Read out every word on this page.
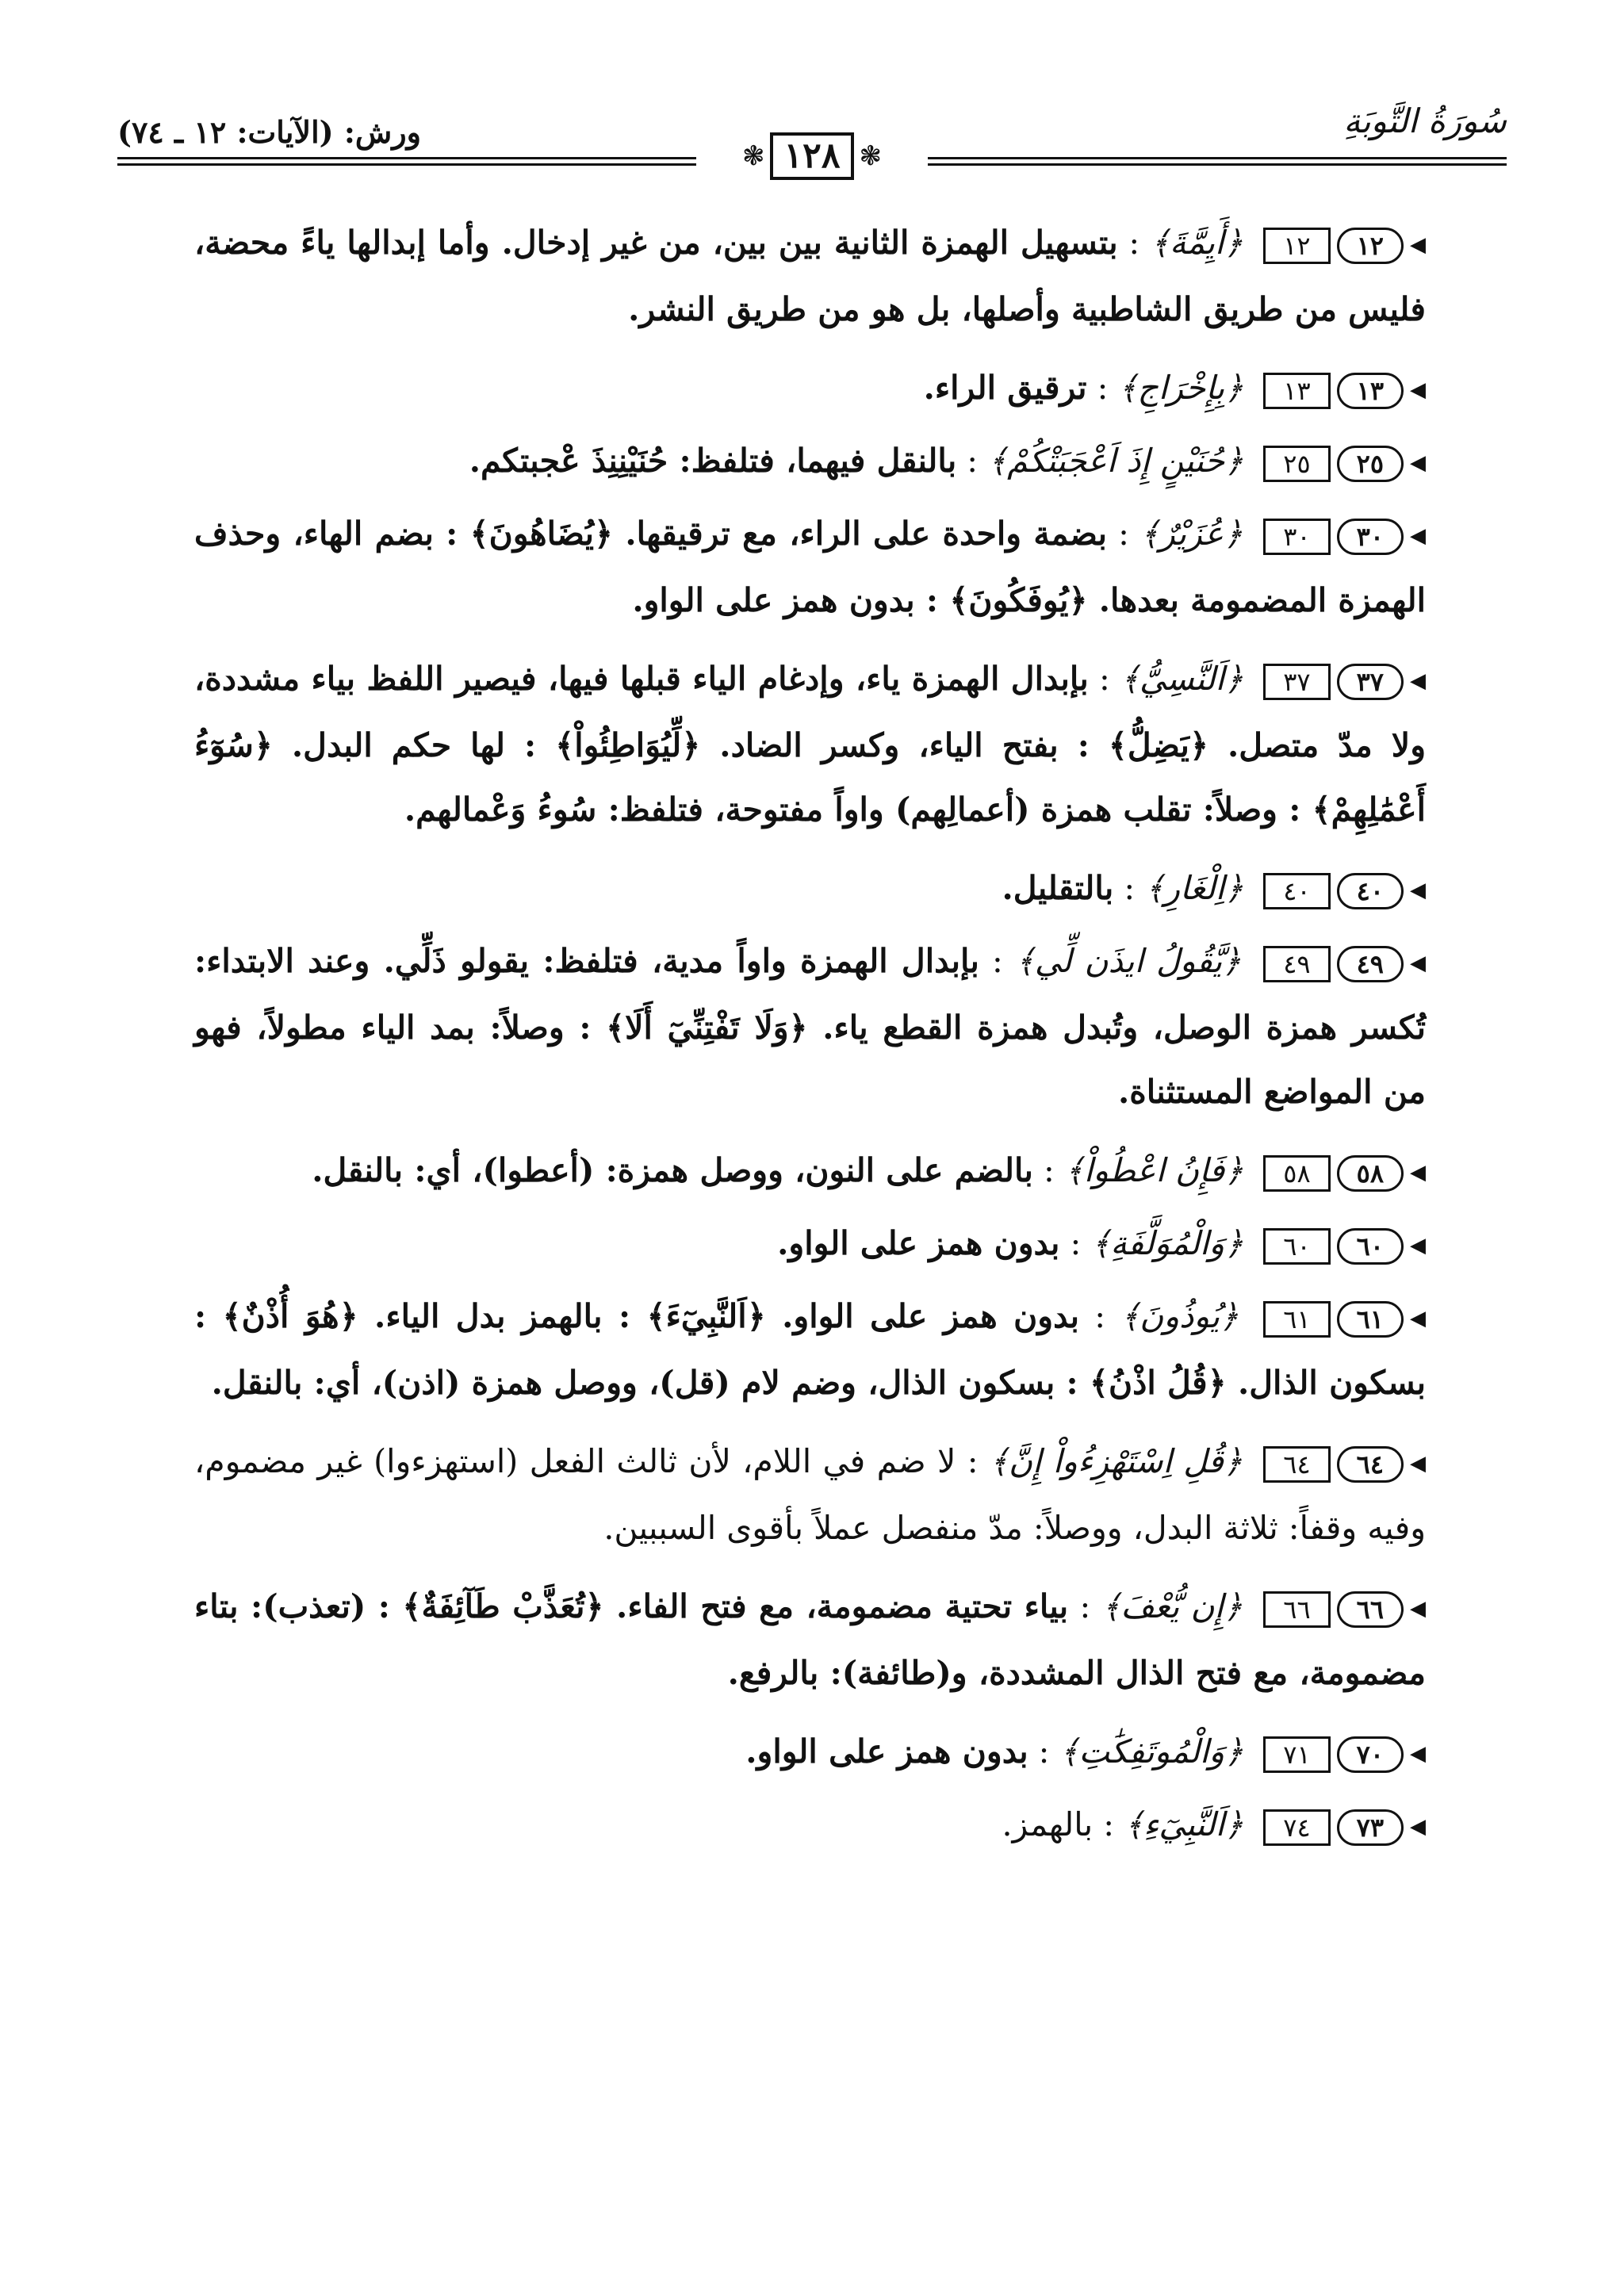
سُورَةُ التَّوبَةِ
ورش: (الآيات: ١٢ ـ ٧٤)
❃
١٢٨
❃

◀
١٢
١٢
﴿أَيِمَّةَ﴾ : بتسهيل الهمزة الثانية بين بين، من غير إدخال. وأما إبدالها ياءً محضة، فليس من طريق الشاطبية وأصلها، بل هو من طريق النشر.

◀
١٣
١٣
﴿بِإِخْرَاجِ﴾ : ترقيق الراء.

◀
٢٥
٢٥
﴿حُنَيْنٍ إِذَ اَعْجَبَتْكُمْ﴾ : بالنقل فيهما، فتلفظ: حُنَيْنِنِذَ عْجبتكم.

◀
٣٠
٣٠
﴿عُزَيْرٌ﴾ : بضمة واحدة على الراء، مع ترقيقها. ﴿يُضَاهُونَ﴾ : بضم الهاء، وحذف الهمزة المضمومة بعدها. ﴿يُوفَكُونَ﴾ : بدون همز على الواو.

◀
٣٧
٣٧
﴿اَلنَّسِيُّ﴾ : بإبدال الهمزة ياء، وإدغام الياء قبلها فيها، فيصير اللفظ بياء مشددة، ولا مدّ متصل. ﴿يَضِلُّ﴾ : بفتح الياء، وكسر الضاد. ﴿لِّيُوَاطِئُواْ﴾ : لها حكم البدل. ﴿سُوٓءُ أَعْمَٰلِهِمْ﴾ : وصلاً: تقلب همزة (أعمالِهم) واواً مفتوحة، فتلفظ: سُوءُ وَعْمالهم.

◀
٤٠
٤٠
﴿اِلْغَارِ﴾ : بالتقليل.

◀
٤٩
٤٩
﴿يَّقُولُ ايذَن لِّي﴾ : بإبدال الهمزة واواً مدية، فتلفظ: يقولو ذَلِّي. وعند الابتداء: تُكسر همزة الوصل، وتُبدل همزة القطع ياء. ﴿وَلَا تَفْتِنِّيٓ أَلَا﴾ : وصلاً: بمد الياء مطولاً، فهو من المواضع المستثناة.

◀
٥٨
٥٨
﴿فَإِنُ اعْطُواْ﴾ : بالضم على النون، ووصل همزة: (أعطوا)، أي: بالنقل.

◀
٦٠
٦٠
﴿وَالْمُوَلَّفَةِ﴾ : بدون همز على الواو.

◀
٦١
٦١
﴿يُوذُونَ﴾ : بدون همز على الواو. ﴿اَلنَّبِيٓءَ﴾ : بالهمز بدل الياء. ﴿هُوَ أُذْنٌ﴾ : بسكون الذال. ﴿قُلُ اذْنُ﴾ : بسكون الذال، وضم لام (قل)، ووصل همزة (اذن)، أي: بالنقل.

◀
٦٤
٦٤
﴿قُلِ اِسْتَهْزِءُواْ إِنَّ﴾ : لا ضم في اللام، لأن ثالث الفعل (استهزءوا) غير مضموم، وفيه وقفاً: ثلاثة البدل، ووصلاً: مدّ منفصل عملاً بأقوى السببين.

◀
٦٦
٦٦
﴿إِن يُّعْفَ﴾ : بياء تحتية مضمومة، مع فتح الفاء. ﴿تُعَذَّبْ طَآئِفَةٌ﴾ : (تعذب): بتاء مضمومة، مع فتح الذال المشددة، و(طائفة): بالرفع.

◀
٧٠
٧١
﴿وَالْمُوتَفِكَٰتِ﴾ : بدون همز على الواو.

◀
٧٣
٧٤
﴿اَلنَّبِيٓءِ﴾ : بالهمز.
